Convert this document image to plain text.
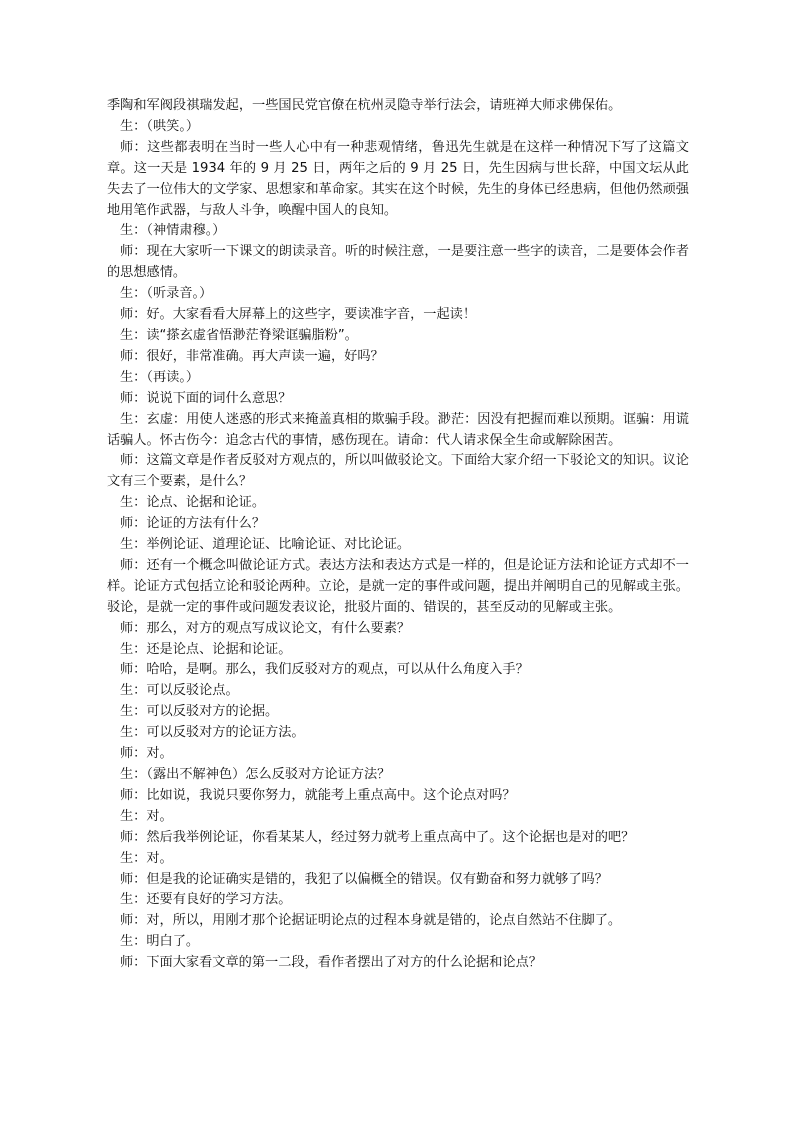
季陶和军阀段祺瑞发起，一些国民党官僚在杭州灵隐寺举行法会，请班禅大师求佛保佑。

生：（哄笑。）

师：这些都表明在当时一些人心中有一种悲观情绪，鲁迅先生就是在这样一种情况下写了这篇文章。这一天是 1934 年的 9 月 25 日，两年之后的 9 月 25 日，先生因病与世长辞，中国文坛从此失去了一位伟大的文学家、思想家和革命家。其实在这个时候，先生的身体已经患病，但他仍然顽强地用笔作武器，与敌人斗争，唤醒中国人的良知。

生：（神情肃穆。）

师：现在大家听一下课文的朗读录音。听的时候注意，一是要注意一些字的读音，二是要体会作者的思想感情。

生：（听录音。）

师：好。大家看看大屏幕上的这些字，要读准字音，一起读！

生：读“搽玄虚省悟渺茫脊梁诓骗脂粉”。

师：很好，非常准确。再大声读一遍，好吗？

生：（再读。）

师：说说下面的词什么意思？

生：玄虚：用使人迷惑的形式来掩盖真相的欺骗手段。渺茫：因没有把握而难以预期。诓骗：用谎话骗人。怀古伤今：追念古代的事情，感伤现在。请命：代人请求保全生命或解除困苦。

师：这篇文章是作者反驳对方观点的，所以叫做驳论文。下面给大家介绍一下驳论文的知识。议论文有三个要素，是什么？

生：论点、论据和论证。

师：论证的方法有什么？

生：举例论证、道理论证、比喻论证、对比论证。

师：还有一个概念叫做论证方式。表达方法和表达方式是一样的，但是论证方法和论证方式却不一样。论证方式包括立论和驳论两种。立论，是就一定的事件或问题，提出并阐明自己的见解或主张。驳论，是就一定的事件或问题发表议论，批驳片面的、错误的，甚至反动的见解或主张。

师：那么，对方的观点写成议论文，有什么要素？

生：还是论点、论据和论证。

师：哈哈，是啊。那么，我们反驳对方的观点，可以从什么角度入手？

生：可以反驳论点。

生：可以反驳对方的论据。

生：可以反驳对方的论证方法。

师：对。

生：（露出不解神色）怎么反驳对方论证方法？

师：比如说，我说只要你努力，就能考上重点高中。这个论点对吗？

生：对。

师：然后我举例论证，你看某某人，经过努力就考上重点高中了。这个论据也是对的吧？

生：对。

师：但是我的论证确实是错的，我犯了以偏概全的错误。仅有勤奋和努力就够了吗？

生：还要有良好的学习方法。

师：对，所以，用刚才那个论据证明论点的过程本身就是错的，论点自然站不住脚了。

生：明白了。

师：下面大家看文章的第一二段，看作者摆出了对方的什么论据和论点？
